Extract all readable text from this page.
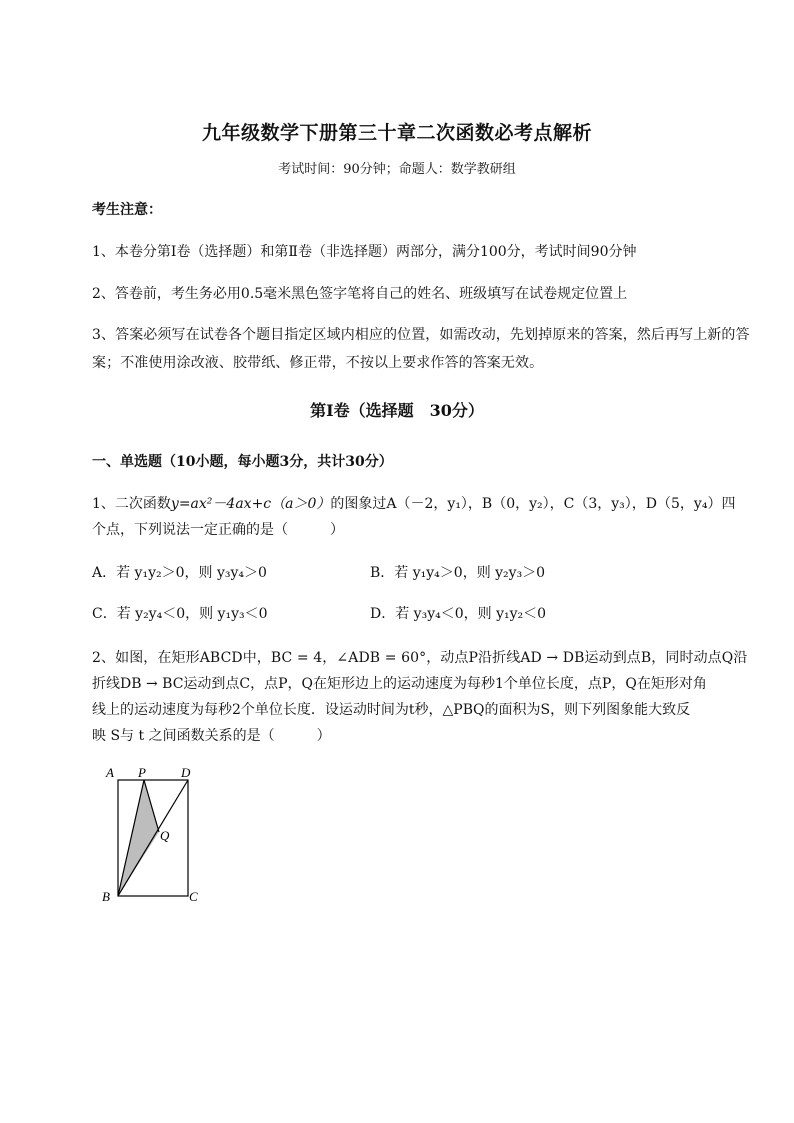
九年级数学下册第三十章二次函数必考点解析
考试时间：90分钟；命题人：数学教研组
考生注意：
1、本卷分第I卷（选择题）和第Ⅱ卷（非选择题）两部分，满分100分，考试时间90分钟
2、答卷前，考生务必用0.5毫米黑色签字笔将自己的姓名、班级填写在试卷规定位置上
3、答案必须写在试卷各个题目指定区域内相应的位置，如需改动，先划掉原来的答案，然后再写上新的答案；不准使用涂改液、胶带纸、修正带，不按以上要求作答的答案无效。
第I卷（选择题　30分）
一、单选题（10小题，每小题3分，共计30分）
1、二次函数y=ax²－4ax+c（a＞0）的图象过A（－2，y₁），B（0，y₂），C（3，y₃），D（5，y₄）四
个点，下列说法一定正确的是（　　　）
A．若 y₁y₂＞0，则 y₃y₄＞0	B．若 y₁y₄＞0，则 y₂y₃＞0
C．若 y₂y₄＜0，则 y₁y₃＜0	D．若 y₃y₄＜0，则 y₁y₂＜0
2、如图，在矩形ABCD中，BC = 4，∠ADB = 60°，动点P沿折线AD → DB运动到点B，同时动点Q沿
折线DB → BC运动到点C，点P，Q在矩形边上的运动速度为每秒1个单位长度，点P，Q在矩形对角
线上的运动速度为每秒2个单位长度．设运动时间为t秒，△PBQ的面积为S，则下列图象能大致反
映 S与 t 之间函数关系的是（　　　）
A P	D
Q
B	C
